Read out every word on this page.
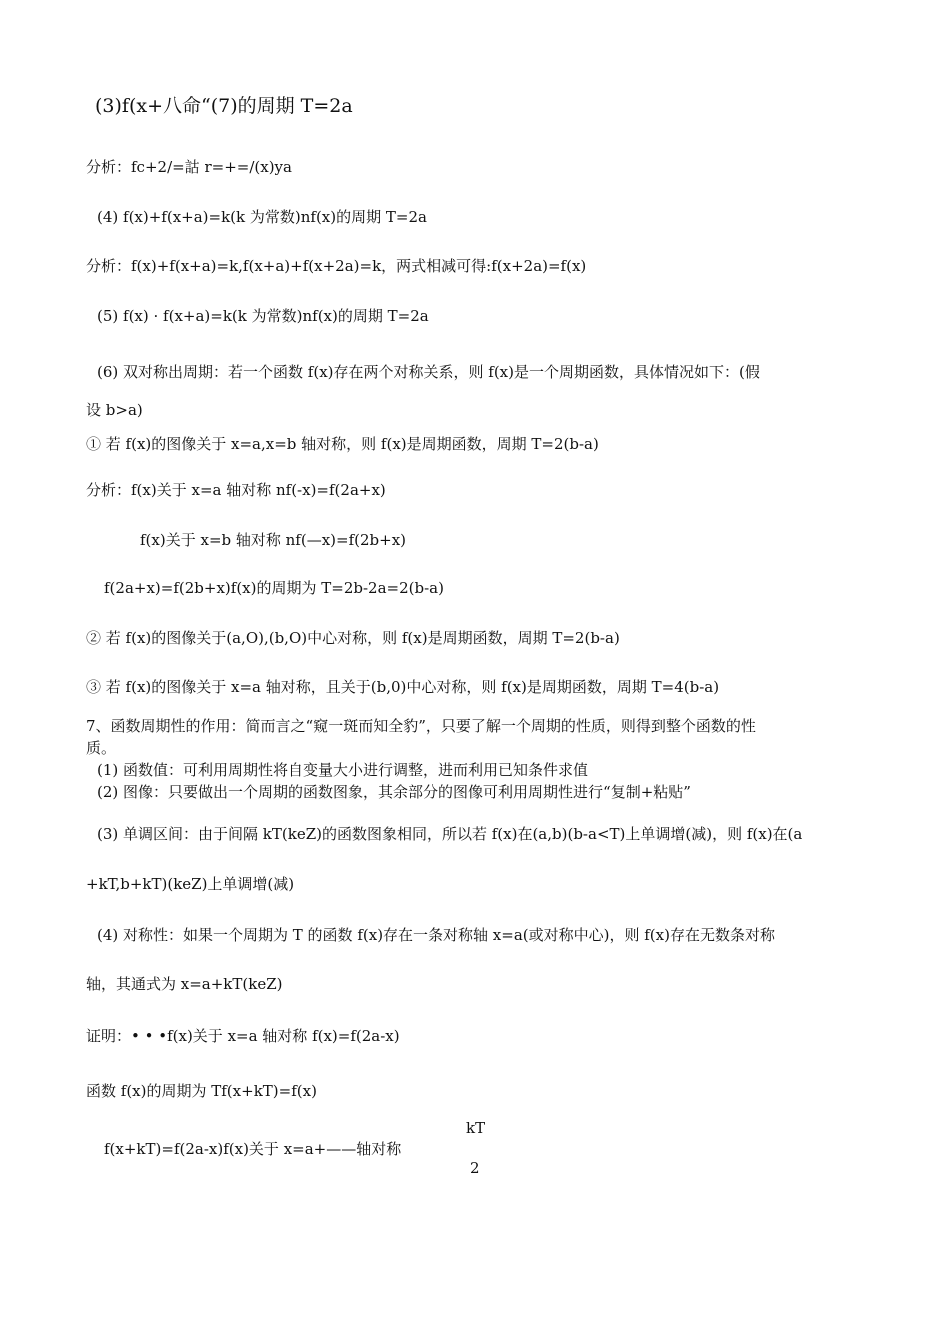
(3)f(x+八命“(7)的周期 T=2a
分析：fc+2/=詁 r=+=/(x)ya
(4) f(x)+f(x+a)=k(k 为常数)nf(x)的周期 T=2a
分析：f(x)+f(x+a)=k,f(x+a)+f(x+2a)=k，两式相减可得:f(x+2a)=f(x)
(5) f(x) · f(x+a)=k(k 为常数)nf(x)的周期 T=2a
(6) 双对称出周期：若一个函数 f(x)存在两个对称关系，则 f(x)是一个周期函数，具体情况如下：(假
设 b>a)
① 若 f(x)的图像关于 x=a,x=b 轴对称，则 f(x)是周期函数，周期 T=2(b-a)
分析：f(x)关于 x=a 轴对称 nf(-x)=f(2a+x)
f(x)关于 x=b 轴对称 nf(—x)=f(2b+x)
f(2a+x)=f(2b+x)f(x)的周期为 T=2b-2a=2(b-a)
② 若 f(x)的图像关于(a,O),(b,O)中心对称，则 f(x)是周期函数，周期 T=2(b-a)
③ 若 f(x)的图像关于 x=a 轴对称，且关于(b,0)中心对称，则 f(x)是周期函数，周期 T=4(b-a)
7、函数周期性的作用：简而言之“窥一斑而知全豹”，只要了解一个周期的性质，则得到整个函数的性
质。
(1) 函数值：可利用周期性将自变量大小进行调整，进而利用已知条件求值
(2) 图像：只要做出一个周期的函数图象，其余部分的图像可利用周期性进行“复制+粘贴”
(3) 单调区间：由于间隔 kT(keZ)的函数图象相同，所以若 f(x)在(a,b)(b-a<T)上单调增(减)，则 f(x)在(a
+kT,b+kT)(keZ)上单调增(减)
(4) 对称性：如果一个周期为 T 的函数 f(x)存在一条对称轴 x=a(或对称中心)，则 f(x)存在无数条对称
轴，其通式为 x=a+kT(keZ)
证明：• • •f(x)关于 x=a 轴对称 f(x)=f(2a-x)
函数 f(x)的周期为 Tf(x+kT)=f(x)
kT
f(x+kT)=f(2a-x)f(x)关于 x=a+——轴对称
2
